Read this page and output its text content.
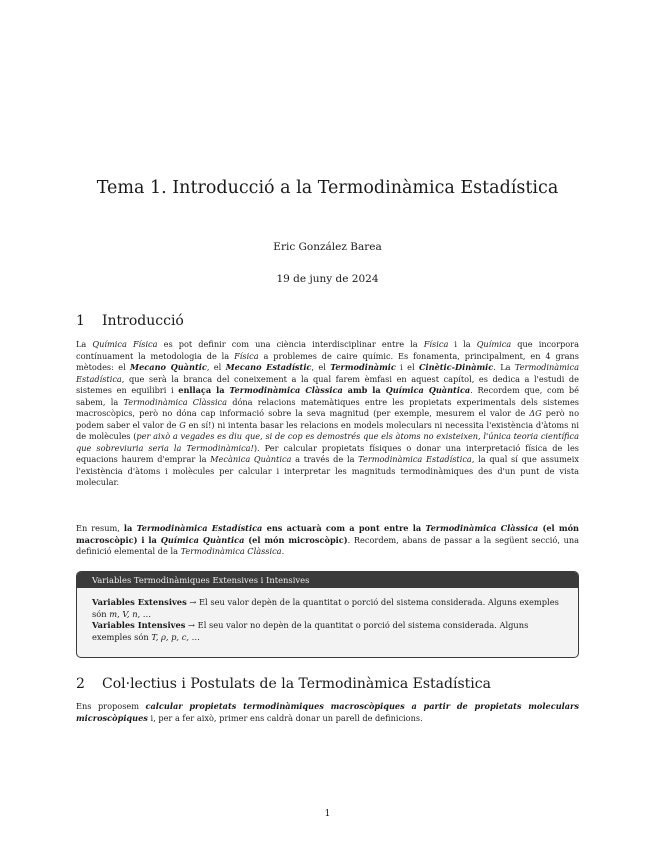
Tema 1. Introducció a la Termodinàmica Estadística
Eric González Barea
19 de juny de 2024
1 Introducció

La Química Física es pot definir com una ciència interdisciplinar entre la Física i la Química que incorpora contínuament la metodologia de la Física a problemes de caire químic. Es fonamenta, principalment, en 4 grans mètodes: el Mecano Quàntic, el Mecano Estadístic, el Termodinàmic i el Cinètic-Dinàmic. La Termodinàmica Estadística, que serà la branca del coneixement a la qual farem èmfasi en aquest capítol, es dedica a l'estudi de sistemes en equilibri i enllaça la Termodinàmica Clàssica amb la Química Quàntica. Recordem que, com bé sabem, la Termodinàmica Clàssica dóna relacions matemàtiques entre les propietats experimentals dels sistemes macroscòpics, però no dóna cap informació sobre la seva magnitud (per exemple, mesurem el valor de ΔG però no podem saber el valor de G en sí!) ni intenta basar les relacions en models moleculars ni necessita l'existència d'àtoms ni de molècules (per això a vegades es diu que, si de cop es demostrés que els àtoms no existeixen, l'única teoria científica que sobreviuria seria la Termodinàmica!). Per calcular propietats físiques o donar una interpretació física de les equacions haurem d'emprar la Mecànica Quàntica a través de la Termodinàmica Estadística, la qual sí que assumeix l'existència d'àtoms i molècules per calcular i interpretar les magnituds termodinàmiques des d'un punt de vista molecular.

En resum, la Termodinàmica Estadística ens actuarà com a pont entre la Termodinàmica Clàssica (el món macroscòpic) i la Química Quàntica (el món microscòpic). Recordem, abans de passar a la següent secció, una definició elemental de la Termodinàmica Clàssica.

Variables Termodinàmiques Extensives i Intensives

Variables Extensives → El seu valor depèn de la quantitat o porció del sistema considerada. Alguns exemples són m, V, n, …

Variables Intensives → El seu valor no depèn de la quantitat o porció del sistema considerada. Alguns exemples són T, ρ, p, c, …

2 Col·lectius i Postulats de la Termodinàmica Estadística

Ens proposem calcular propietats termodinàmiques macroscòpiques a partir de propietats moleculars microscòpiques i, per a fer això, primer ens caldrà donar un parell de definicions.

1
